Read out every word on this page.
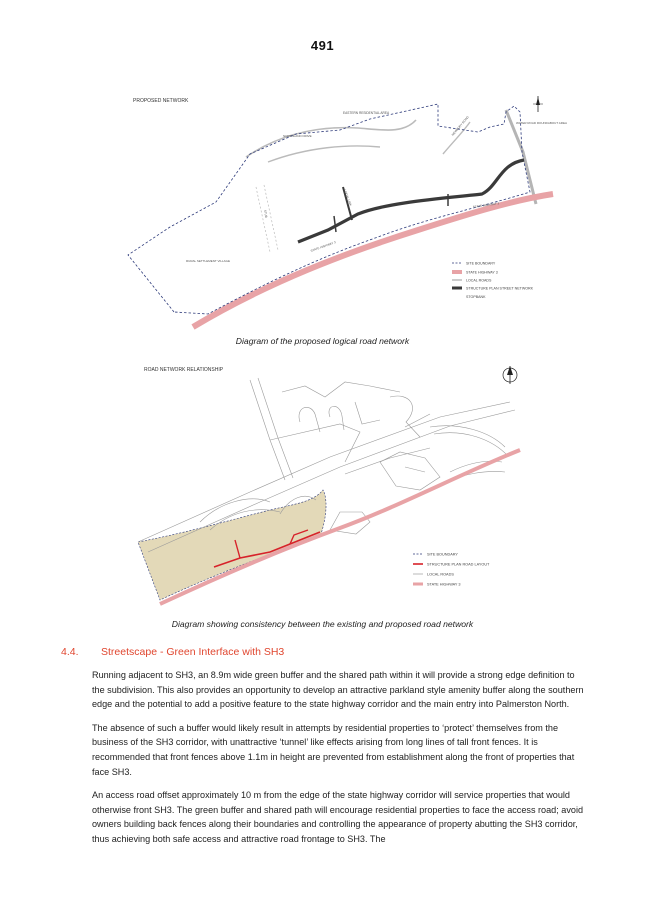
491
PROPOSED NETWORK
EASTERN RESIDENTIAL AREA
NORTHLAND DRIVE	NEWBURY ROAD	WATER ROAD ROUNDABOUT AREA
STUB
LOCAL LINK
RURAL SETTLEMENT VILLAGE
STATE HIGHWAY 3
STATE HIGHWAY 3
SITE BOUNDARY
STATE HIGHWAY 3
LOCAL ROADS
STRUCTURE PLAN STREET NETWORK
STOPBANK
Diagram of the proposed logical road network
ROAD NETWORK RELATIONSHIP
SITE BOUNDARY
STRUCTURE PLAN ROAD LAYOUT
LOCAL ROADS
STATE HIGHWAY 3
Diagram showing consistency between the existing and proposed road network
4.4. Streetscape - Green Interface with SH3

Running adjacent to SH3, an 8.9m wide green buffer and the shared path within it will provide a strong edge definition to the subdivision. This also provides an opportunity to develop an attractive parkland style amenity buffer along the southern edge and the potential to add a positive feature to the state highway corridor and the main entry into Palmerston North.

The absence of such a buffer would likely result in attempts by residential properties to ‘protect’ themselves from the business of the SH3 corridor, with unattractive ‘tunnel’ like effects arising from long lines of tall front fences. It is recommended that front fences above 1.1m in height are prevented from establishment along the front of properties that face SH3.

An access road offset approximately 10 m from the edge of the state highway corridor will service properties that would otherwise front SH3. The green buffer and shared path will encourage residential properties to face the access road; avoid owners building back fences along their boundaries and controlling the appearance of property abutting the SH3 corridor, thus achieving both safe access and attractive road frontage to SH3. The
